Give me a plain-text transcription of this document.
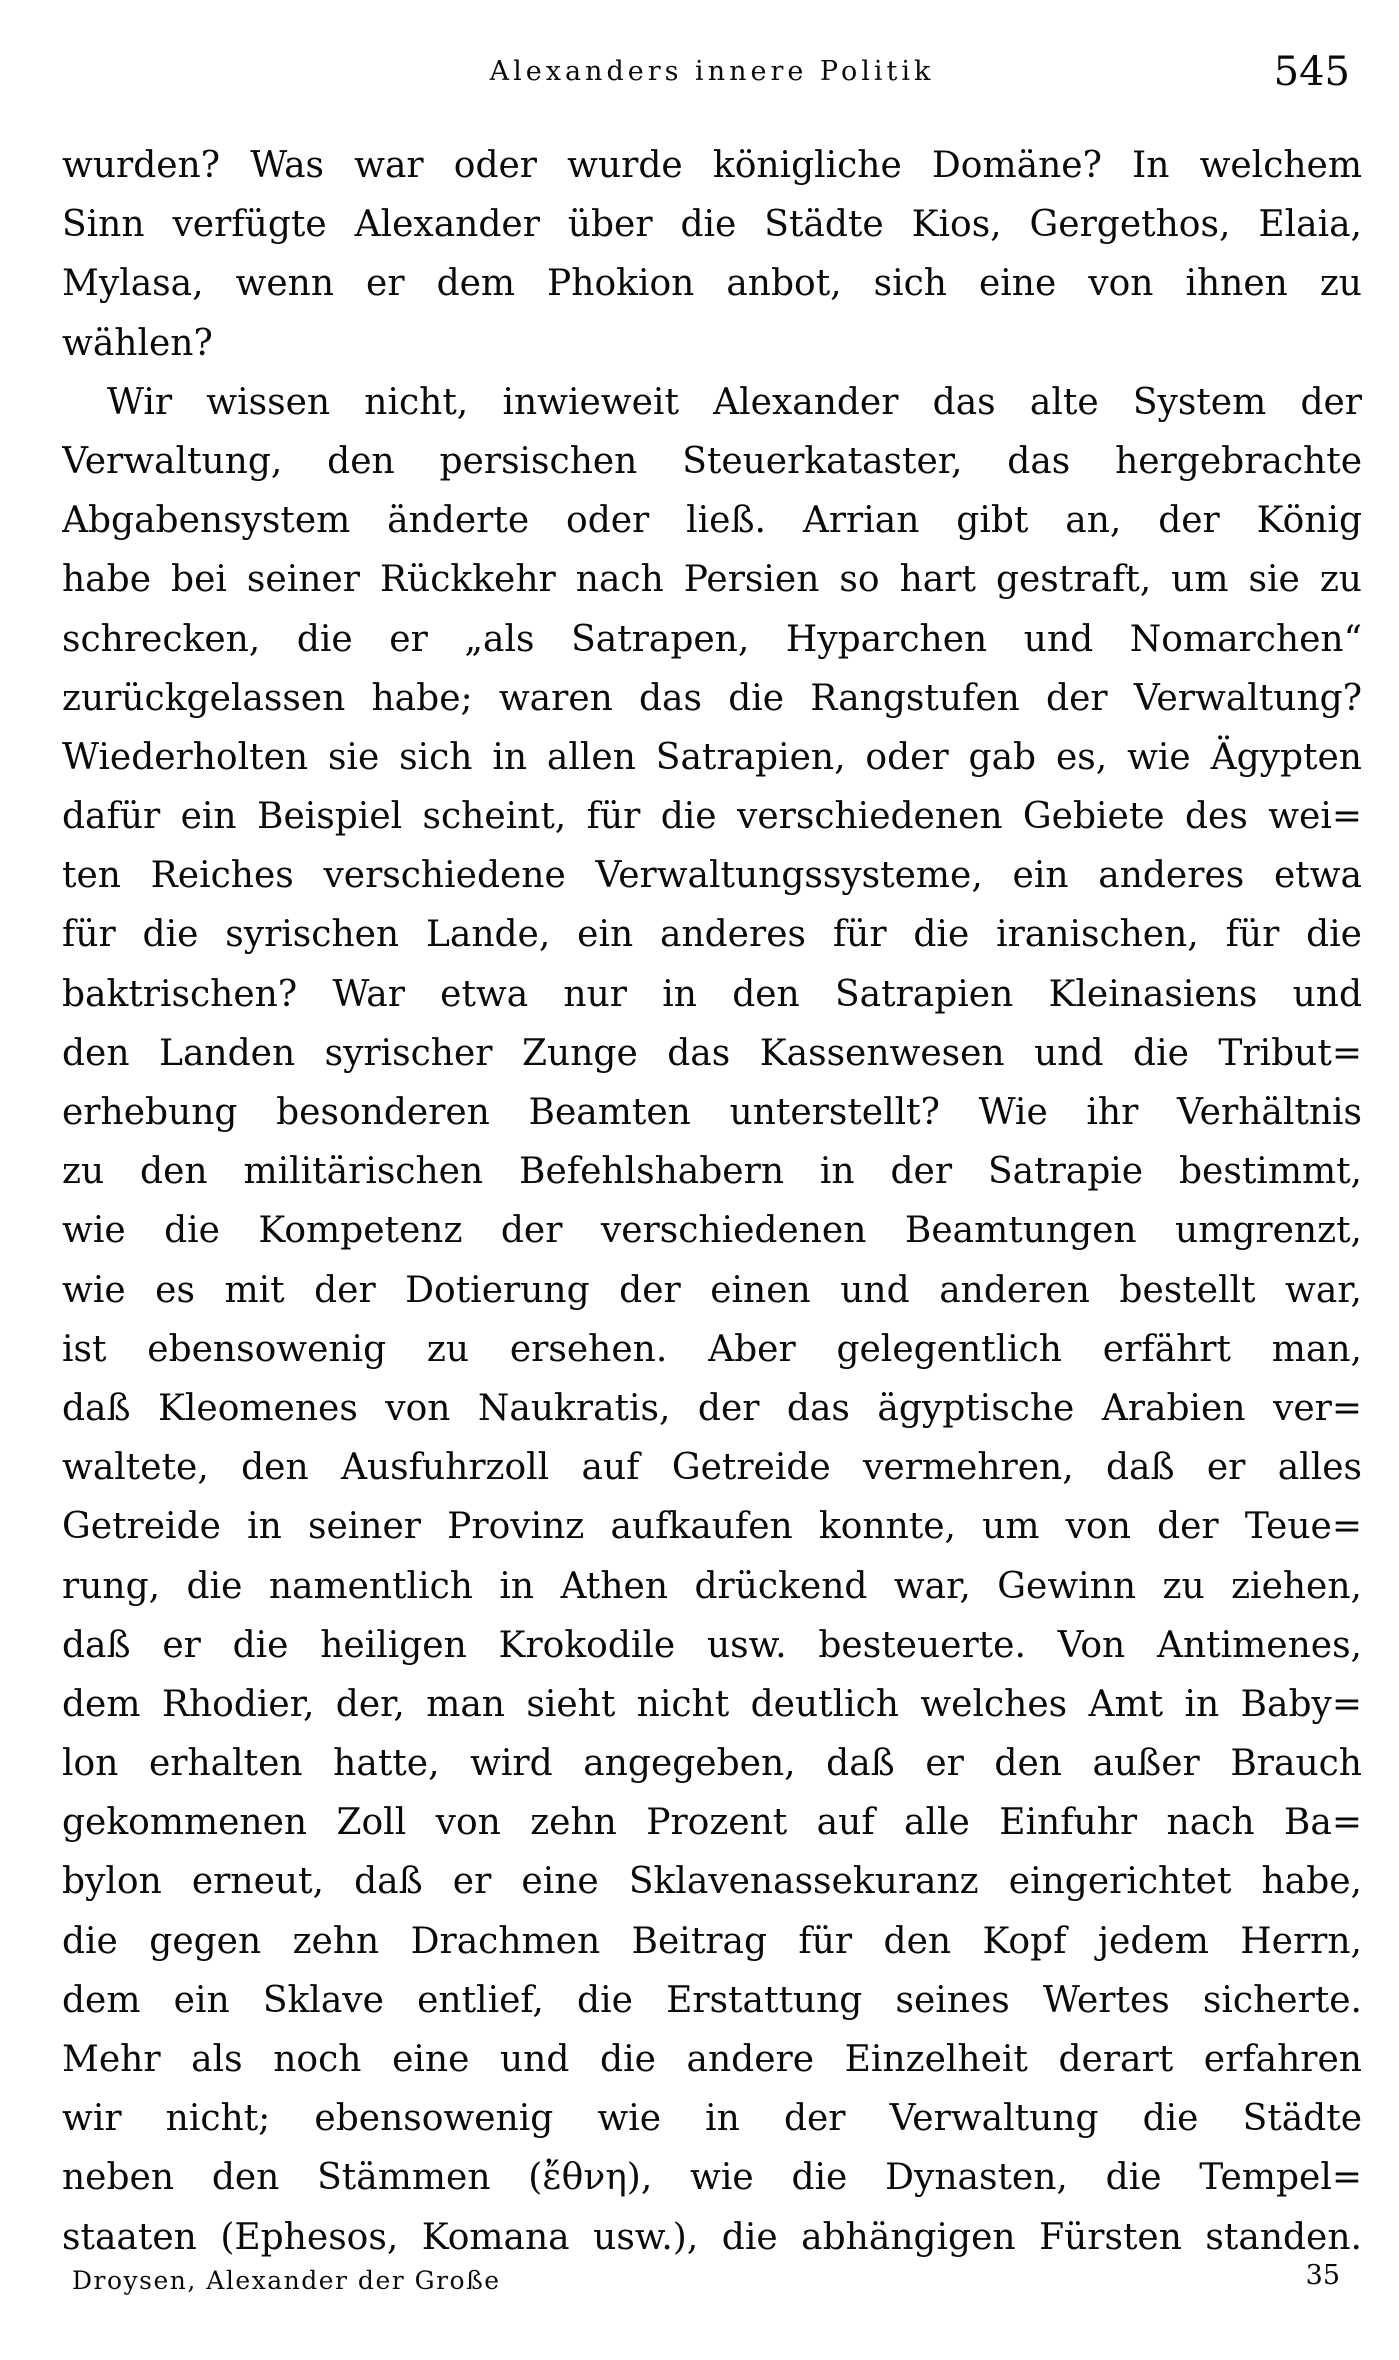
Alexanders innere Politik	545
wurden? Was war oder wurde königliche Domäne? In welchem
Sinn verfügte Alexander über die Städte Kios, Gergethos, Elaia,
Mylasa, wenn er dem Phokion anbot, sich eine von ihnen zu
wählen?
Wir wissen nicht, inwieweit Alexander das alte System der
Verwaltung, den persischen Steuerkataster, das hergebrachte
Abgabensystem änderte oder ließ. Arrian gibt an, der König
habe bei seiner Rückkehr nach Persien so hart gestraft, um sie zu
schrecken, die er „als Satrapen, Hyparchen und Nomarchen“
zurückgelassen habe; waren das die Rangstufen der Verwaltung?
Wiederholten sie sich in allen Satrapien, oder gab es, wie Ägypten
dafür ein Beispiel scheint, für die verschiedenen Gebiete des wei=
ten Reiches verschiedene Verwaltungssysteme, ein anderes etwa
für die syrischen Lande, ein anderes für die iranischen, für die
baktrischen? War etwa nur in den Satrapien Kleinasiens und
den Landen syrischer Zunge das Kassenwesen und die Tribut=
erhebung besonderen Beamten unterstellt? Wie ihr Verhältnis
zu den militärischen Befehlshabern in der Satrapie bestimmt,
wie die Kompetenz der verschiedenen Beamtungen umgrenzt,
wie es mit der Dotierung der einen und anderen bestellt war,
ist ebensowenig zu ersehen. Aber gelegentlich erfährt man,
daß Kleomenes von Naukratis, der das ägyptische Arabien ver=
waltete, den Ausfuhrzoll auf Getreide vermehren, daß er alles
Getreide in seiner Provinz aufkaufen konnte, um von der Teue=
rung, die namentlich in Athen drückend war, Gewinn zu ziehen,
daß er die heiligen Krokodile usw. besteuerte. Von Antimenes,
dem Rhodier, der, man sieht nicht deutlich welches Amt in Baby=
lon erhalten hatte, wird angegeben, daß er den außer Brauch
gekommenen Zoll von zehn Prozent auf alle Einfuhr nach Ba=
bylon erneut, daß er eine Sklavenassekuranz eingerichtet habe,
die gegen zehn Drachmen Beitrag für den Kopf jedem Herrn,
dem ein Sklave entlief, die Erstattung seines Wertes sicherte.
Mehr als noch eine und die andere Einzelheit derart erfahren
wir nicht; ebensowenig wie in der Verwaltung die Städte
neben den Stämmen (ἔθνη), wie die Dynasten, die Tempel=
staaten (Ephesos, Komana usw.), die abhängigen Fürsten standen.
Droysen, Alexander der Große	35
